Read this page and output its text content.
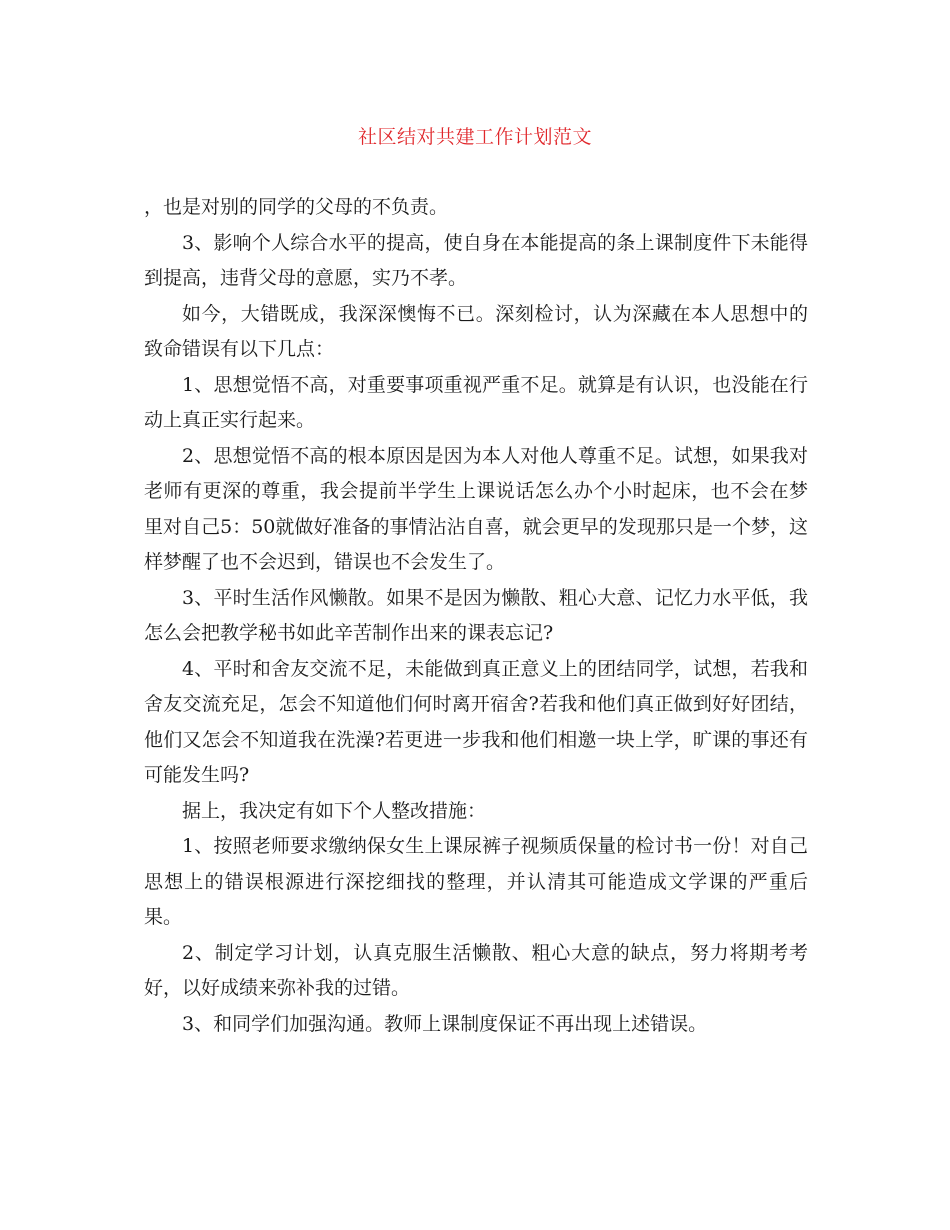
社区结对共建工作计划范文

，也是对别的同学的父母的不负责。

3、影响个人综合水平的提高，使自身在本能提高的条上课制度件下未能得到提高，违背父母的意愿，实乃不孝。

如今，大错既成，我深深懊悔不已。深刻检讨，认为深藏在本人思想中的致命错误有以下几点：

1、思想觉悟不高，对重要事项重视严重不足。就算是有认识，也没能在行动上真正实行起来。

2、思想觉悟不高的根本原因是因为本人对他人尊重不足。试想，如果我对老师有更深的尊重，我会提前半学生上课说话怎么办个小时起床，也不会在梦里对自己5：50就做好准备的事情沾沾自喜，就会更早的发现那只是一个梦，这样梦醒了也不会迟到，错误也不会发生了。

3、平时生活作风懒散。如果不是因为懒散、粗心大意、记忆力水平低，我怎么会把教学秘书如此辛苦制作出来的课表忘记?

4、平时和舍友交流不足，未能做到真正意义上的团结同学，试想，若我和舍友交流充足，怎会不知道他们何时离开宿舍?若我和他们真正做到好好团结，他们又怎会不知道我在洗澡?若更进一步我和他们相邀一块上学，旷课的事还有可能发生吗?

据上，我决定有如下个人整改措施：

1、按照老师要求缴纳保女生上课尿裤子视频质保量的检讨书一份！对自己思想上的错误根源进行深挖细找的整理，并认清其可能造成文学课的严重后果。

2、制定学习计划，认真克服生活懒散、粗心大意的缺点，努力将期考考好，以好成绩来弥补我的过错。

3、和同学们加强沟通。教师上课制度保证不再出现上述错误。
